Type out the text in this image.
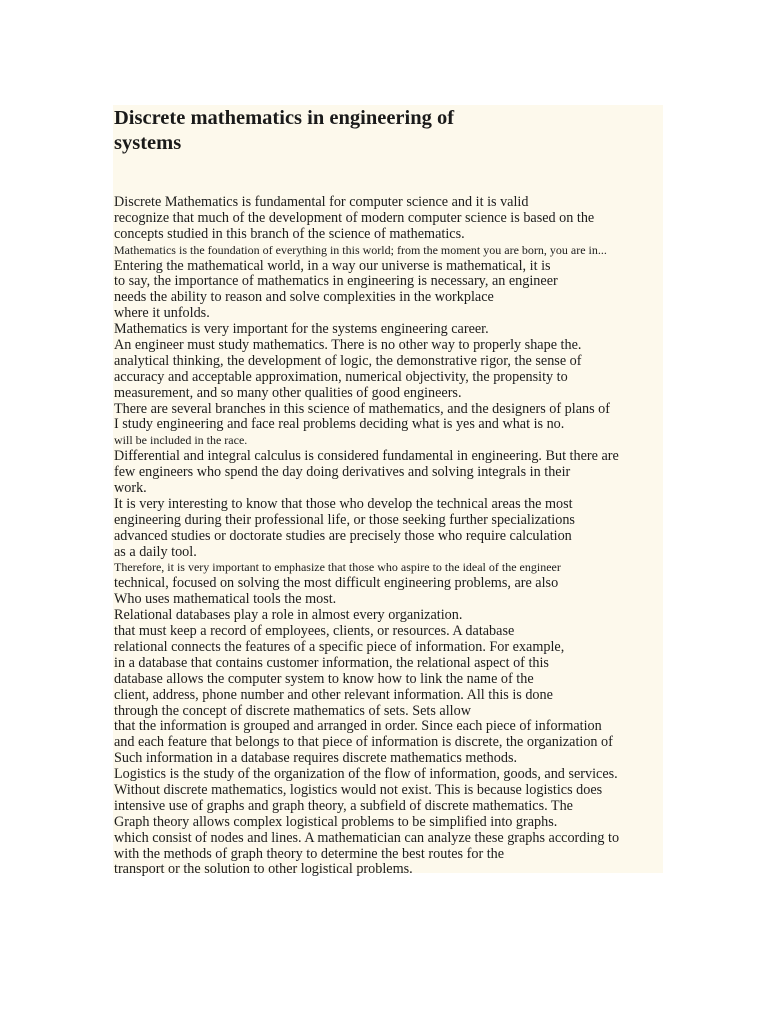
Discrete mathematics in engineering of
systems
Discrete Mathematics is fundamental for computer science and it is valid
recognize that much of the development of modern computer science is based on the
concepts studied in this branch of the science of mathematics.
Mathematics is the foundation of everything in this world; from the moment you are born, you are in...
Entering the mathematical world, in a way our universe is mathematical, it is
to say, the importance of mathematics in engineering is necessary, an engineer
needs the ability to reason and solve complexities in the workplace
where it unfolds.
Mathematics is very important for the systems engineering career.
An engineer must study mathematics. There is no other way to properly shape the.
analytical thinking, the development of logic, the demonstrative rigor, the sense of
accuracy and acceptable approximation, numerical objectivity, the propensity to
measurement, and so many other qualities of good engineers.
There are several branches in this science of mathematics, and the designers of plans of
I study engineering and face real problems deciding what is yes and what is no.
will be included in the race.
Differential and integral calculus is considered fundamental in engineering. But there are
few engineers who spend the day doing derivatives and solving integrals in their
work.
It is very interesting to know that those who develop the technical areas the most
engineering during their professional life, or those seeking further specializations
advanced studies or doctorate studies are precisely those who require calculation
as a daily tool.
Therefore, it is very important to emphasize that those who aspire to the ideal of the engineer
technical, focused on solving the most difficult engineering problems, are also
Who uses mathematical tools the most.
Relational databases play a role in almost every organization.
that must keep a record of employees, clients, or resources. A database
relational connects the features of a specific piece of information. For example,
in a database that contains customer information, the relational aspect of this
database allows the computer system to know how to link the name of the
client, address, phone number and other relevant information. All this is done
through the concept of discrete mathematics of sets. Sets allow
that the information is grouped and arranged in order. Since each piece of information
and each feature that belongs to that piece of information is discrete, the organization of
Such information in a database requires discrete mathematics methods.
Logistics is the study of the organization of the flow of information, goods, and services.
Without discrete mathematics, logistics would not exist. This is because logistics does
intensive use of graphs and graph theory, a subfield of discrete mathematics. The
Graph theory allows complex logistical problems to be simplified into graphs.
which consist of nodes and lines. A mathematician can analyze these graphs according to
with the methods of graph theory to determine the best routes for the
transport or the solution to other logistical problems.
